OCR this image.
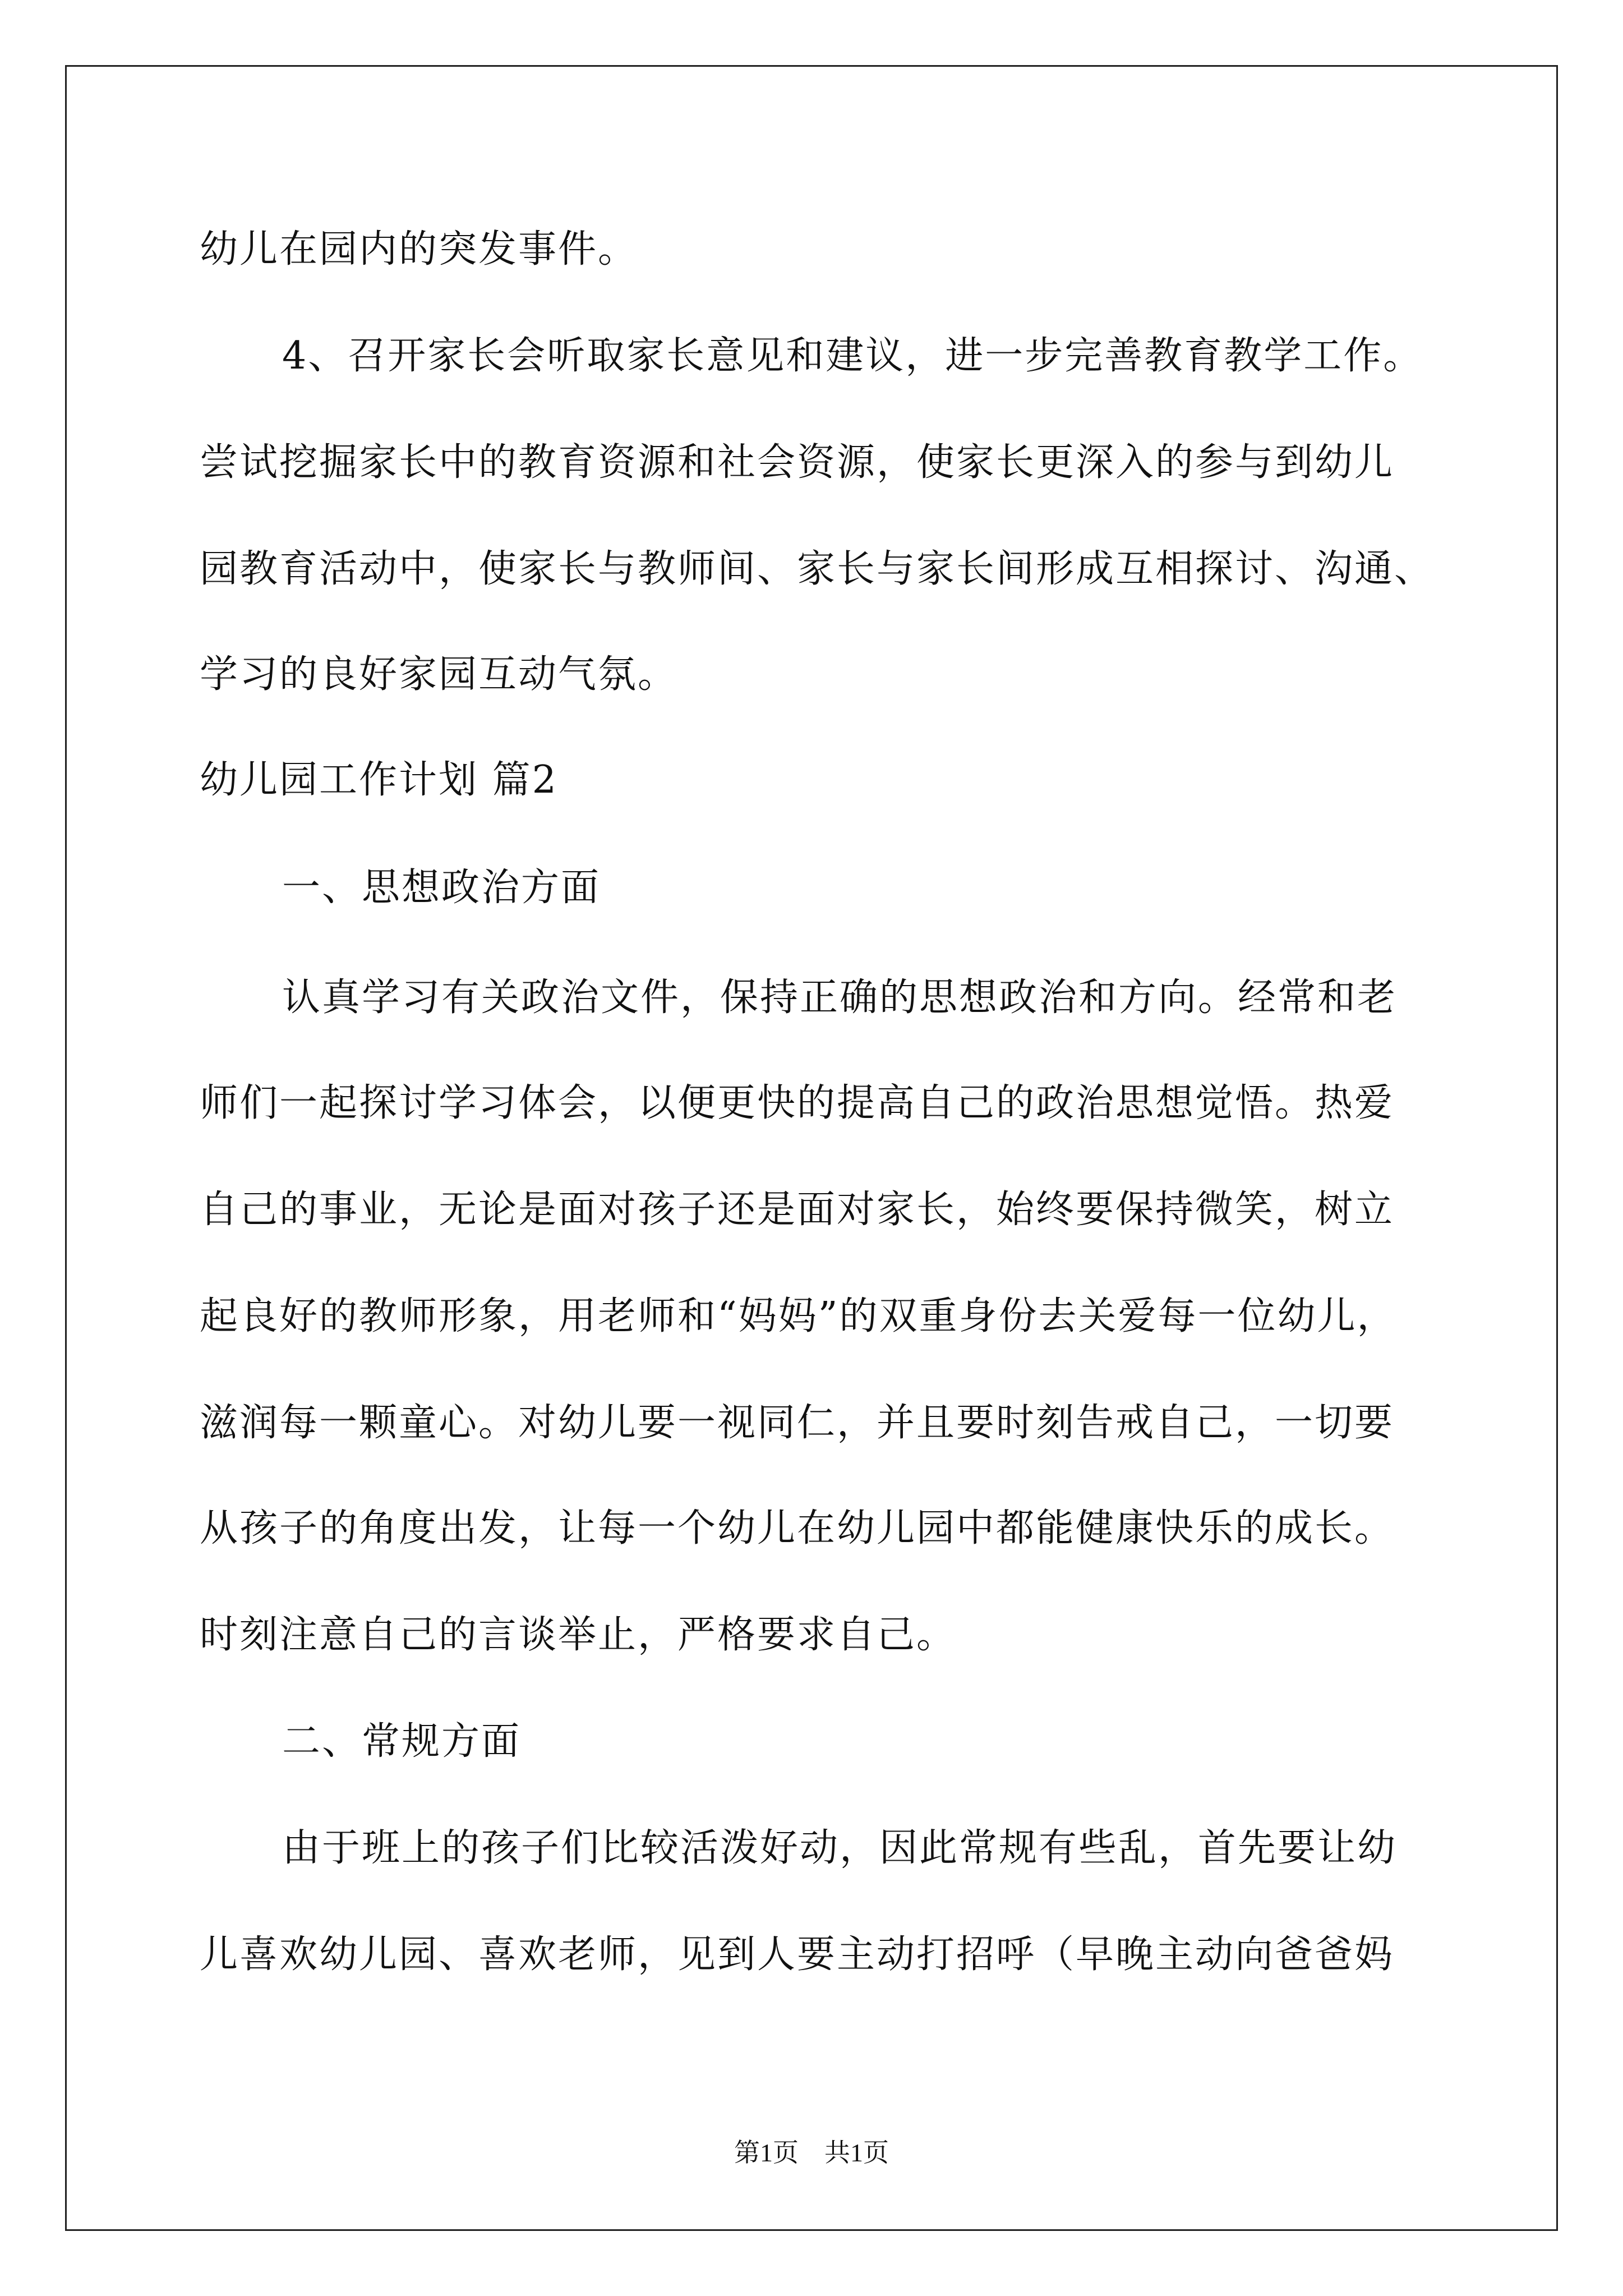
幼儿在园内的突发事件。
4、召开家长会听取家长意见和建议，进一步完善教育教学工作。
尝试挖掘家长中的教育资源和社会资源，使家长更深入的参与到幼儿
园教育活动中，使家长与教师间、家长与家长间形成互相探讨、沟通、
学习的良好家园互动气氛。
幼儿园工作计划 篇2
一、思想政治方面
认真学习有关政治文件，保持正确的思想政治和方向。经常和老
师们一起探讨学习体会，以便更快的提高自己的政治思想觉悟。热爱
自己的事业，无论是面对孩子还是面对家长，始终要保持微笑，树立
起良好的教师形象，用老师和“妈妈”的双重身份去关爱每一位幼儿，
滋润每一颗童心。对幼儿要一视同仁，并且要时刻告戒自己，一切要
从孩子的角度出发，让每一个幼儿在幼儿园中都能健康快乐的成长。
时刻注意自己的言谈举止，严格要求自己。
二、常规方面
由于班上的孩子们比较活泼好动，因此常规有些乱，首先要让幼
儿喜欢幼儿园、喜欢老师，见到人要主动打招呼（早晚主动向爸爸妈
第1页　共1页
